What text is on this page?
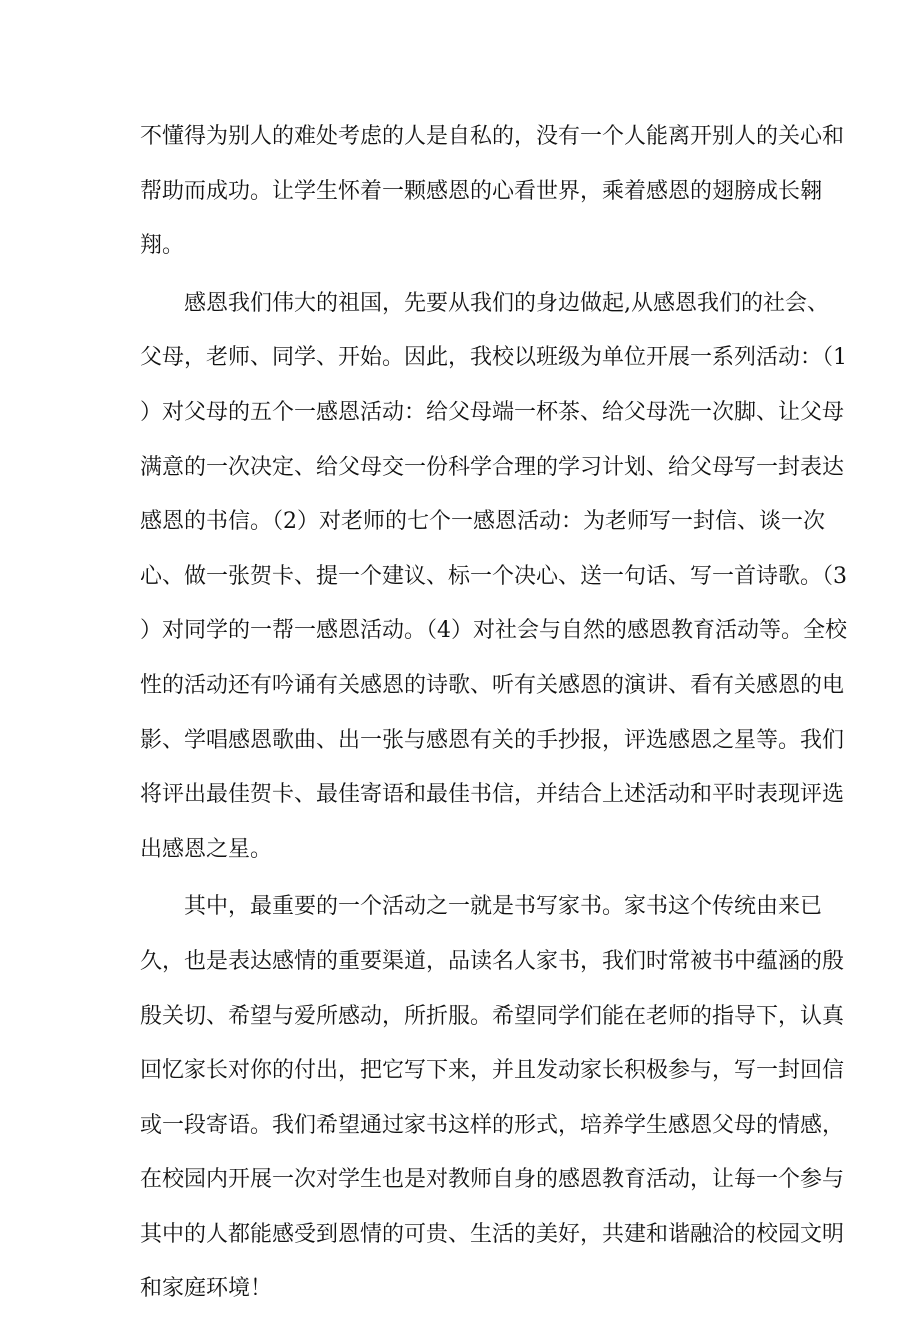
不懂得为别人的难处考虑的人是自私的，没有一个人能离开别人的关心和
帮助而成功。让学生怀着一颗感恩的心看世界，乘着感恩的翅膀成长翱
翔。
感恩我们伟大的祖国，先要从我们的身边做起,从感恩我们的社会、
父母，老师、同学、开始。因此，我校以班级为单位开展一系列活动：（1
）对父母的五个一感恩活动：给父母端一杯茶、给父母洗一次脚、让父母
满意的一次决定、给父母交一份科学合理的学习计划、给父母写一封表达
感恩的书信。（2）对老师的七个一感恩活动：为老师写一封信、谈一次
心、做一张贺卡、提一个建议、标一个决心、送一句话、写一首诗歌。（3
）对同学的一帮一感恩活动。（4）对社会与自然的感恩教育活动等。全校
性的活动还有吟诵有关感恩的诗歌、听有关感恩的演讲、看有关感恩的电
影、学唱感恩歌曲、出一张与感恩有关的手抄报，评选感恩之星等。我们
将评出最佳贺卡、最佳寄语和最佳书信，并结合上述活动和平时表现评选
出感恩之星。
其中，最重要的一个活动之一就是书写家书。家书这个传统由来已
久，也是表达感情的重要渠道，品读名人家书，我们时常被书中蕴涵的殷
殷关切、希望与爱所感动，所折服。希望同学们能在老师的指导下，认真
回忆家长对你的付出，把它写下来，并且发动家长积极参与，写一封回信
或一段寄语。我们希望通过家书这样的形式，培养学生感恩父母的情感，
在校园内开展一次对学生也是对教师自身的感恩教育活动，让每一个参与
其中的人都能感受到恩情的可贵、生活的美好，共建和谐融洽的校园文明
和家庭环境！
